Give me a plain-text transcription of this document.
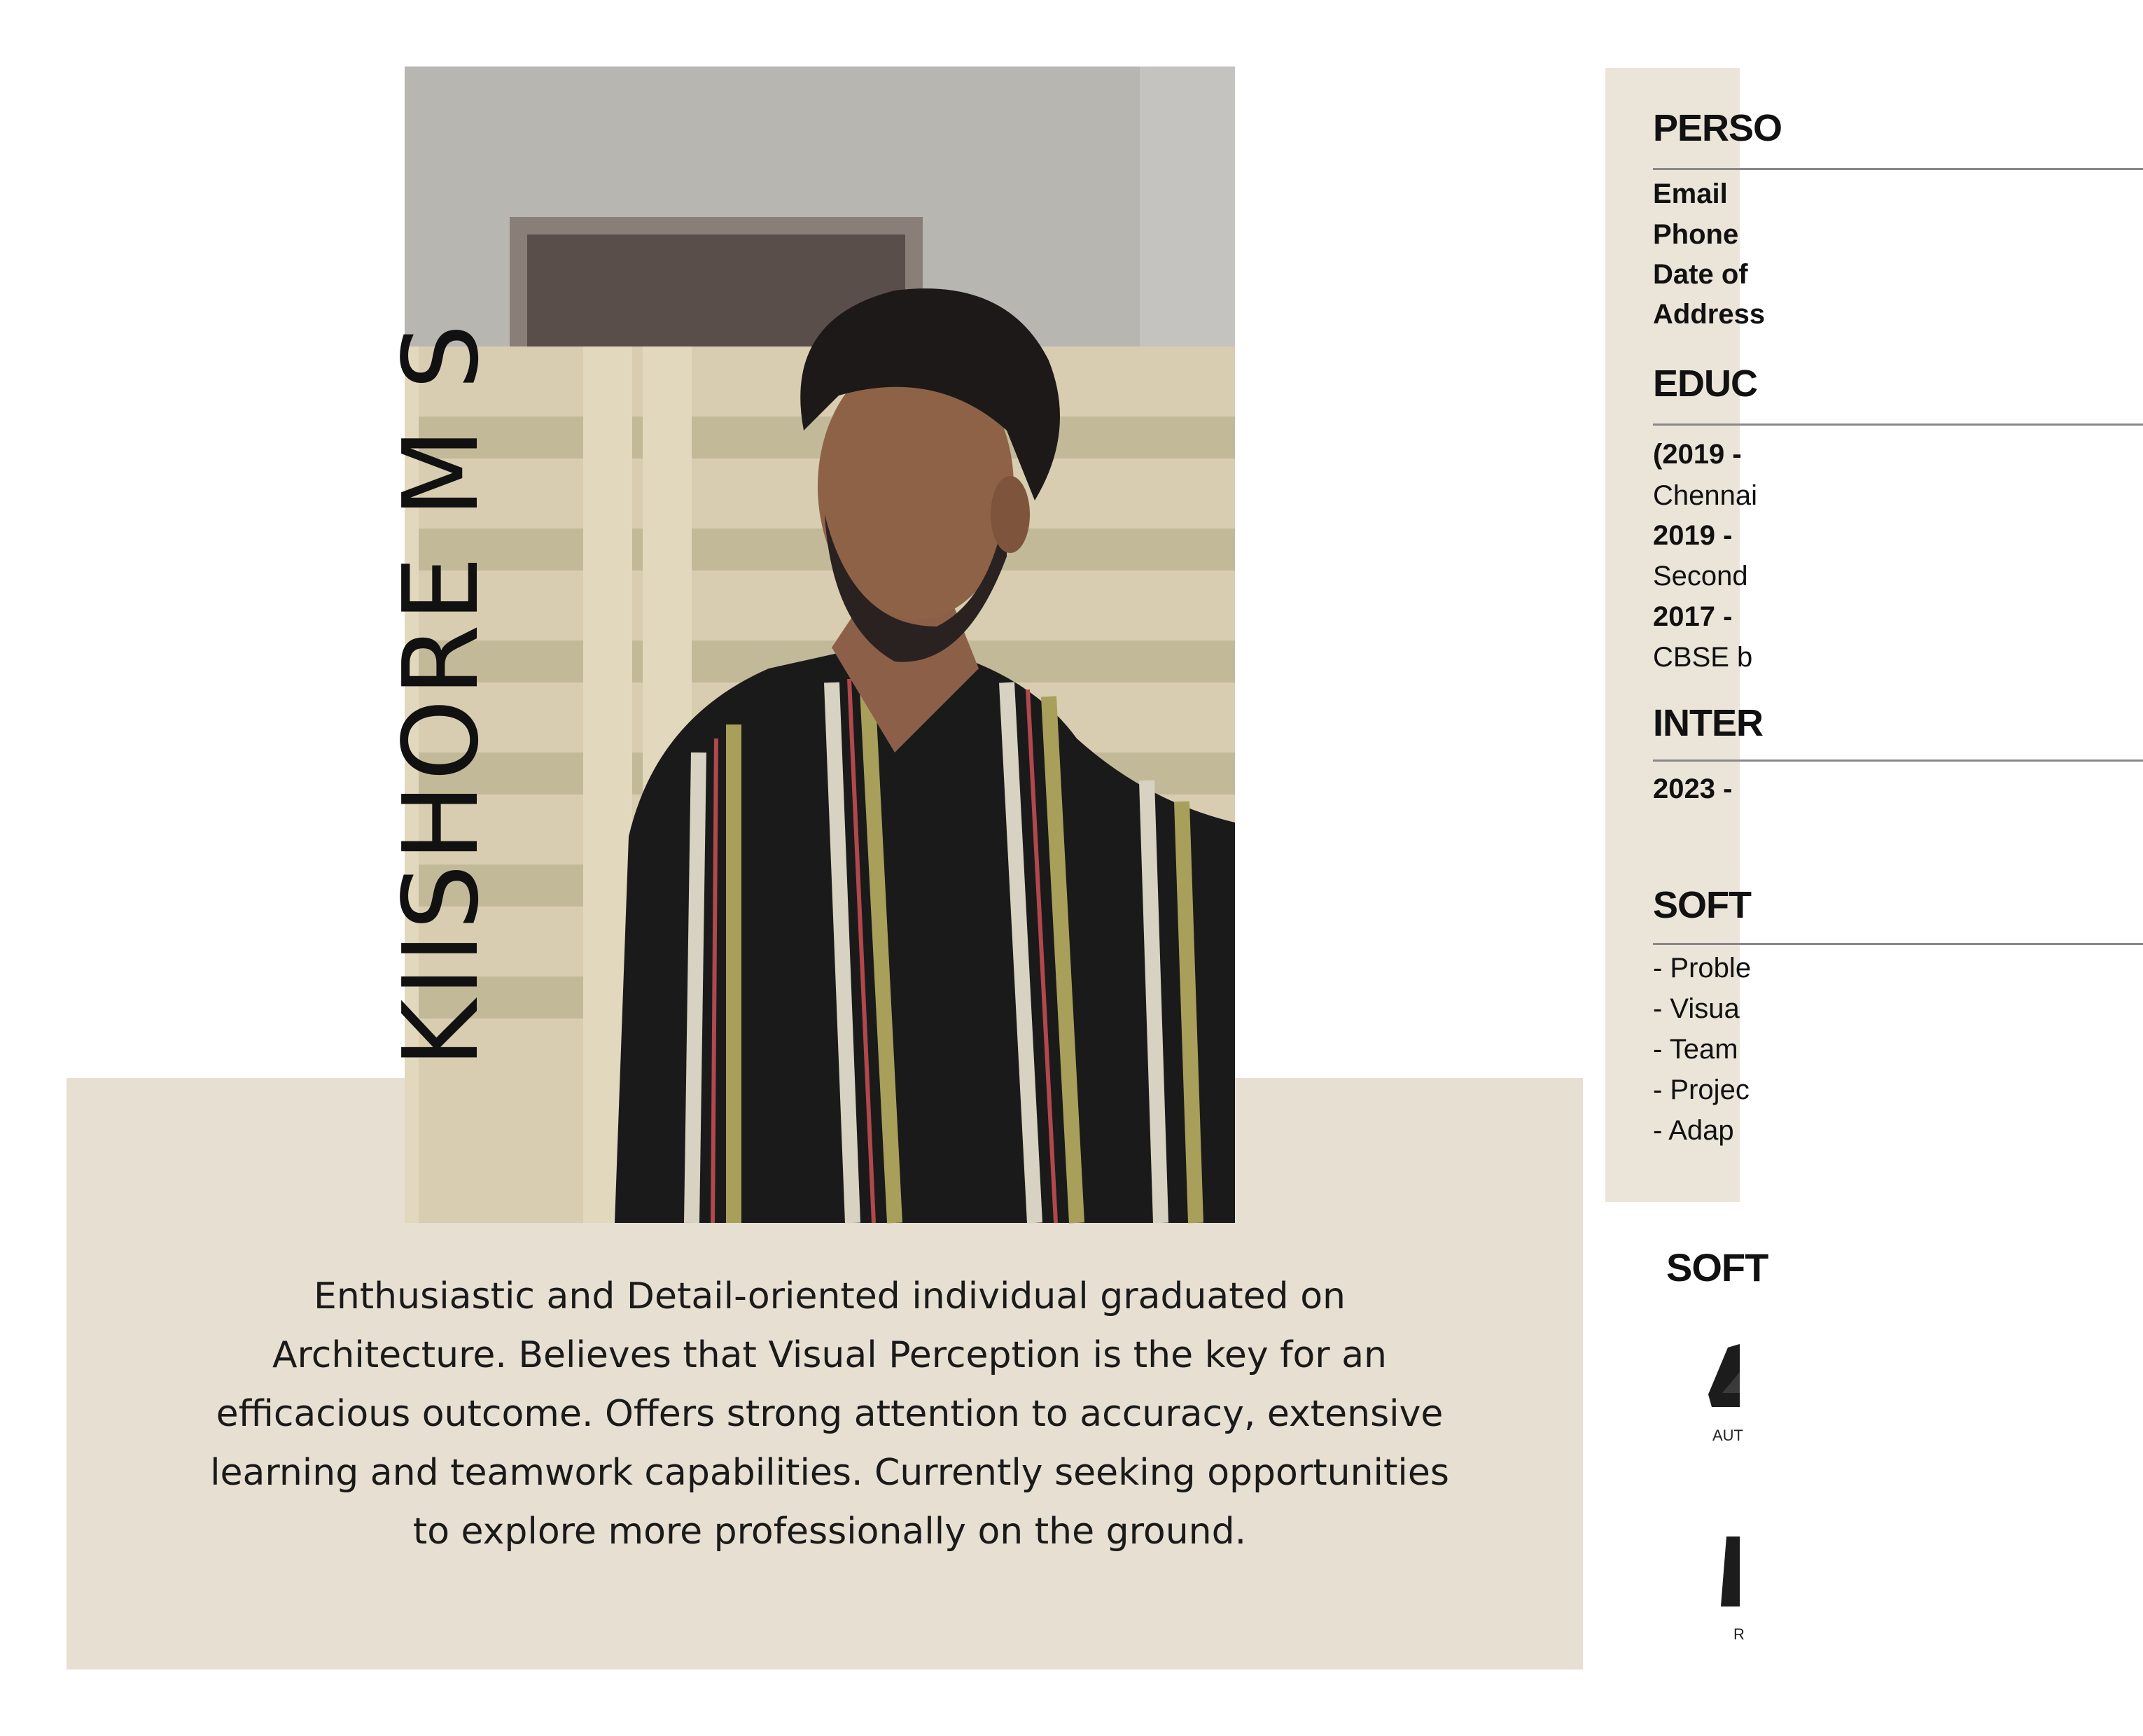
KIISHORE M S

Enthusiastic and Detail-oriented individual graduated on Architecture. Believes that Visual Perception is the key for an efficacious outcome. Offers strong attention to accuracy, extensive learning and teamwork capabilities. Currently seeking opportunities to explore more professionally on the ground.

PERSO
Email
Phone
Date of
Address
EDUC
(2019 -
Chennai
2019 -
Second
2017 -
CBSE b
INTER
2023 -
SOFT
- Proble
- Visua
- Team
- Projec
- Adap
SOFT
AUT
R
